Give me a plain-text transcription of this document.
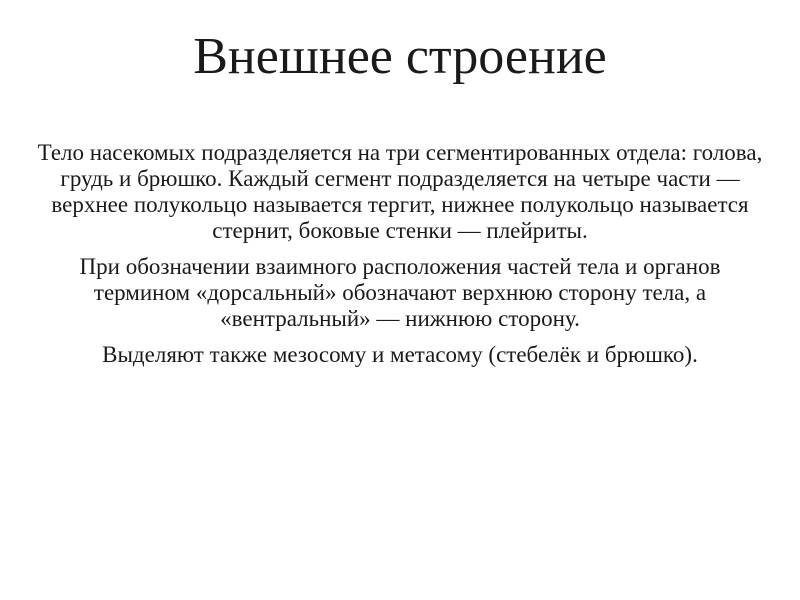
Внешнее строение

Тело насекомых подразделяется на три сегментированных отдела: голова, грудь и брюшко. Каждый сегмент подразделяется на четыре части — верхнее полукольцо называется тергит, нижнее полукольцо называется стернит, боковые стенки — плейриты.

При обозначении взаимного расположения частей тела и органов термином «дорсальный» обозначают верхнюю сторону тела, а «вентральный» — нижнюю сторону.

Выделяют также мезосому и метасому (стебелёк и брюшко).
